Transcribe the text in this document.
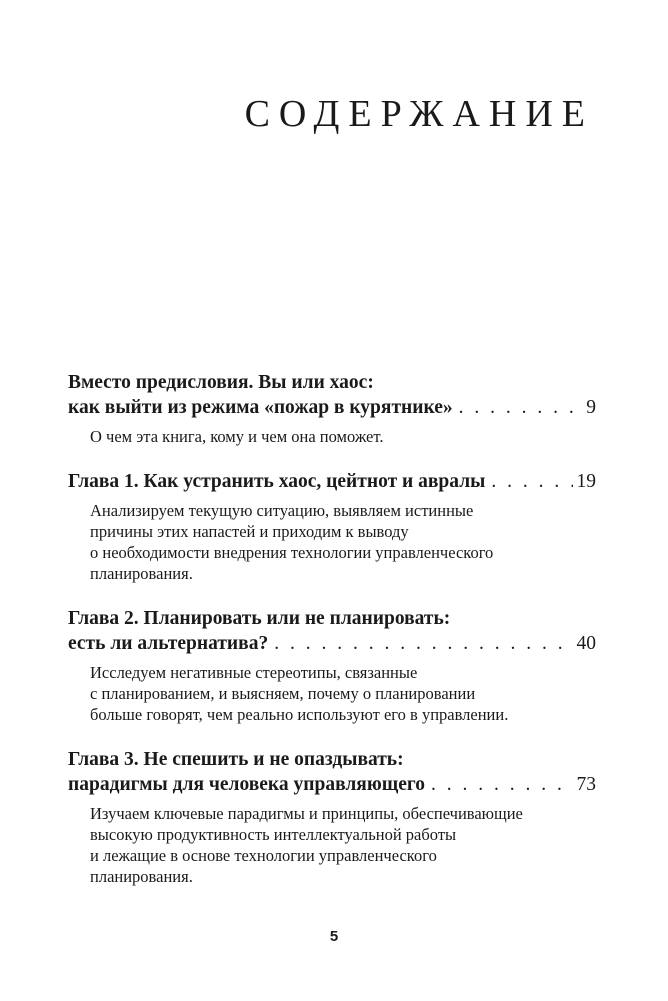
СОДЕРЖАНИЕ
Вместо предисловия. Вы или хаос:
как выйти из режима «пожар в курятнике» . . .	9
О чем эта книга, кому и чем она поможет.
Глава 1. Как устранить хаос, цейтнот и авралы . . .	19
Анализируем текущую ситуацию, выявляем истинные
причины этих напастей и приходим к выводу
о необходимости внедрения технологии управленческого
планирования.
Глава 2. Планировать или не планировать:
есть ли альтернатива? . . .	40
Исследуем негативные стереотипы, связанные
с планированием, и выясняем, почему о планировании
больше говорят, чем реально используют его в управлении.
Глава 3. Не спешить и не опаздывать:
парадигмы для человека управляющего . . .	73
Изучаем ключевые парадигмы и принципы, обеспечивающие
высокую продуктивность интеллектуальной работы
и лежащие в основе технологии управленческого
планирования.
5
